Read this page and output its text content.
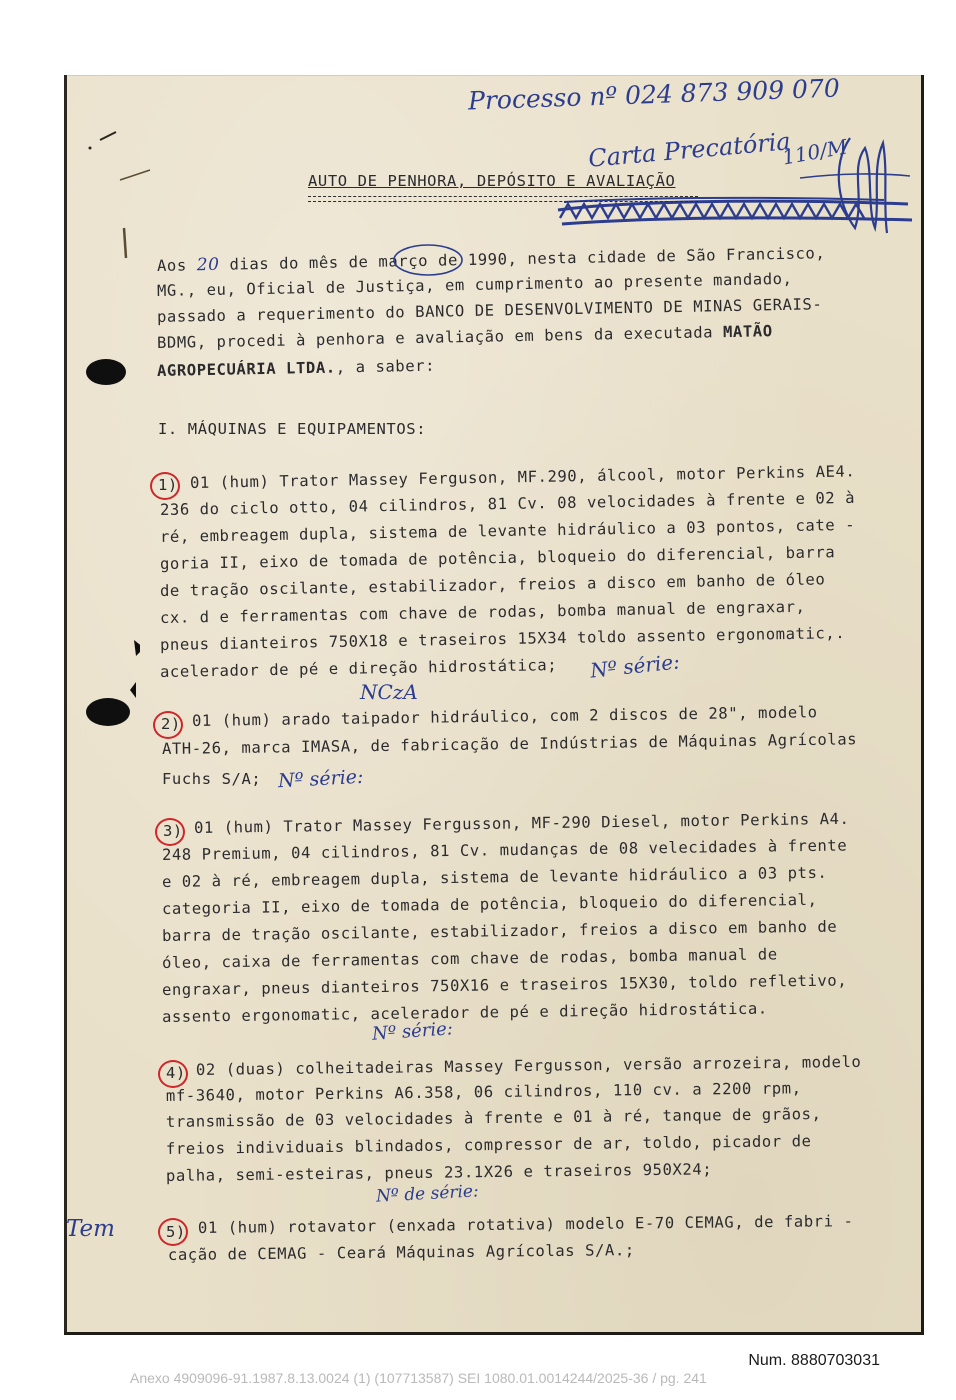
Processo nº 024 873 909 070
Carta Precatória
110/M
AUTO DE PENHORA, DEPÓSITO E AVALIAÇÃO
Aos 20 dias do mês de março de 1990, nesta cidade de São Francisco,
MG., eu, Oficial de Justiça, em cumprimento ao presente mandado,
passado a requerimento do BANCO DE DESENVOLVIMENTO DE MINAS GERAIS-
BDMG, procedi à penhora e avaliação em bens da executada MATÃO
AGROPECUÁRIA LTDA., a saber:
I. MÁQUINAS E EQUIPAMENTOS:
1) 01 (hum) Trator Massey Ferguson, MF.290, álcool, motor Perkins AE4.
236 do ciclo otto, 04 cilindros, 81 Cv. 08 velocidades à frente e 02 à
ré, embreagem dupla, sistema de levante hidráulico a 03 pontos, cate -
goria II, eixo de tomada de potência, bloqueio do diferencial, barra
de tração oscilante, estabilizador, freios a disco em banho de óleo
cx. d e ferramentas com chave de rodas, bomba manual de engraxar,
pneus dianteiros 750X18 e traseiros 15X34 toldo assento ergonomatic,.
acelerador de pé e direção hidrostática; Nº série:
NCzA
2) 01 (hum) arado taipador hidráulico, com 2 discos de 28", modelo
ATH-26, marca IMASA, de fabricação de Indústrias de Máquinas Agrícolas
Fuchs S/A; Nº série:
3) 01 (hum) Trator Massey Fergusson, MF-290 Diesel, motor Perkins A4.
248 Premium, 04 cilindros, 81 Cv. mudanças de 08 velecidades à frente
e 02 à ré, embreagem dupla, sistema de levante hidráulico a 03 pts.
categoria II, eixo de tomada de potência, bloqueio do diferencial,
barra de tração oscilante, estabilizador, freios a disco em banho de
óleo, caixa de ferramentas com chave de rodas, bomba manual de
engraxar, pneus dianteiros 750X16 e traseiros 15X30, toldo refletivo,
assento ergonomatic, acelerador de pé e direção hidrostática.
Nº série:
4) 02 (duas) colheitadeiras Massey Fergusson, versão arrozeira, modelo
mf-3640, motor Perkins A6.358, 06 cilindros, 110 cv. a 2200 rpm,
transmissão de 03 velocidades à frente e 01 à ré, tanque de grãos,
freios individuais blindados, compressor de ar, toldo, picador de
palha, semi-esteiras, pneus 23.1X26 e traseiros 950X24;
Nº de série:
Tem	5) 01 (hum) rotavator (enxada rotativa) modelo E-70 CEMAG, de fabri -
cação de CEMAG - Ceará Máquinas Agrícolas S/A.;
Num. 8880703031
Anexo 4909096-91.1987.8.13.0024 (1) (107713587) SEI 1080.01.0014244/2025-36 / pg. 241
